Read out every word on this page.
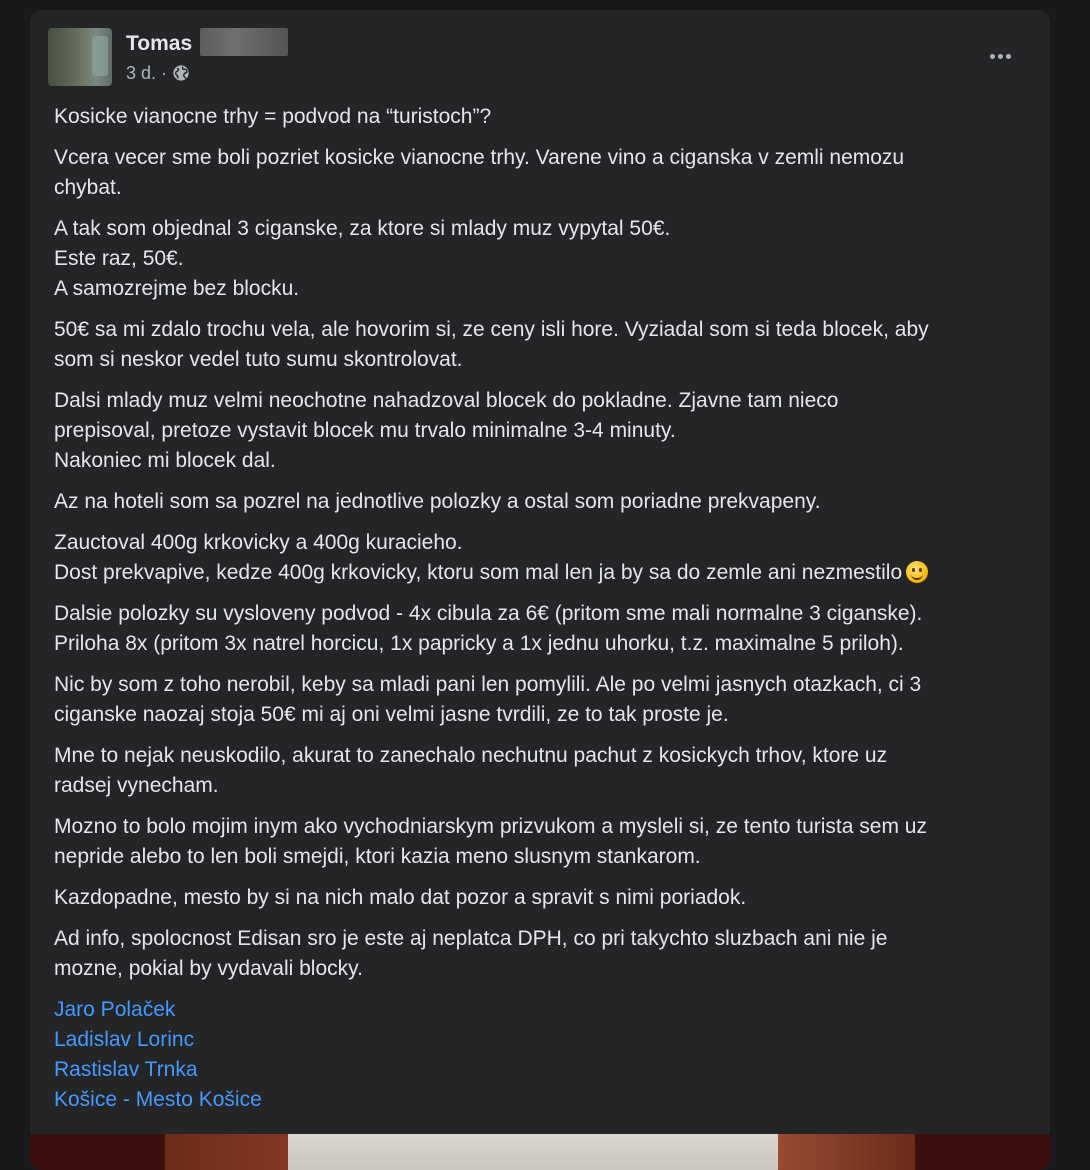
Tomas
3 d. ·

Kosicke vianocne trhy = podvod na “turistoch”?

Vcera vecer sme boli pozriet kosicke vianocne trhy. Varene vino a ciganska v zemli nemozu
chybat.

A tak som objednal 3 ciganske, za ktore si mlady muz vypytal 50€.
Este raz, 50€.
A samozrejme bez blocku.

50€ sa mi zdalo trochu vela, ale hovorim si, ze ceny isli hore. Vyziadal som si teda blocek, aby
som si neskor vedel tuto sumu skontrolovat.

Dalsi mlady muz velmi neochotne nahadzoval blocek do pokladne. Zjavne tam nieco
prepisoval, pretoze vystavit blocek mu trvalo minimalne 3-4 minuty.
Nakoniec mi blocek dal.

Az na hoteli som sa pozrel na jednotlive polozky a ostal som poriadne prekvapeny.

Zauctoval 400g krkovicky a 400g kuracieho.
Dost prekvapive, kedze 400g krkovicky, ktoru som mal len ja by sa do zemle ani nezmestilo

Dalsie polozky su vysloveny podvod - 4x cibula za 6€ (pritom sme mali normalne 3 ciganske).
Priloha 8x (pritom 3x natrel horcicu, 1x papricky a 1x jednu uhorku, t.z. maximalne 5 priloh).

Nic by som z toho nerobil, keby sa mladi pani len pomylili. Ale po velmi jasnych otazkach, ci 3
ciganske naozaj stoja 50€ mi aj oni velmi jasne tvrdili, ze to tak proste je.

Mne to nejak neuskodilo, akurat to zanechalo nechutnu pachut z kosickych trhov, ktore uz
radsej vynecham.

Mozno to bolo mojim inym ako vychodniarskym prizvukom a mysleli si, ze tento turista sem uz
nepride alebo to len boli smejdi, ktori kazia meno slusnym stankarom.

Kazdopadne, mesto by si na nich malo dat pozor a spravit s nimi poriadok.

Ad info, spolocnost Edisan sro je este aj neplatca DPH, co pri takychto sluzbach ani nie je
mozne, pokial by vydavali blocky.

Jaro Polaček
Ladislav Lorinc
Rastislav Trnka
Košice - Mesto Košice
